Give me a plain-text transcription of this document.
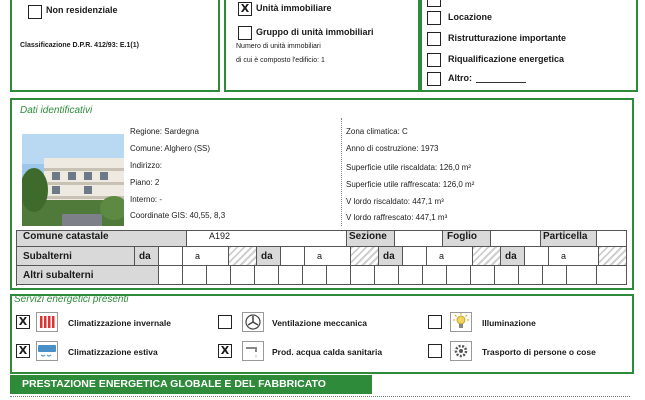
Non residenziale
Classificazione D.P.R. 412/93: E.1(1)
X Unità immobiliare
Gruppo di unità immobiliari
Numero di unità immobiliari
di cui è composto l'edificio: 1
Locazione
Ristrutturazione importante
Riqualificazione energetica
Altro:
Dati identificativi
Regione: Sardegna
Comune: Alghero (SS)
Indirizzo:
Piano: 2
Interno: -
Coordinate GIS: 40,55, 8,3
Zona climatica: C
Anno di costruzione: 1973
Superficie utile riscaldata: 126,0 m²
Superficie utile raffrescata: 126,0 m²
V lordo riscaldato: 447,1 m³
V lordo raffrescato: 447,1 m³
Comune catastale	A192	Sezione	Foglio	Particella
Subalterni	da	a	da	a	da	a	da	a
Altri subalterni
Servizi energetici presenti
X	Climatizzazione invernale
X	Climatizzazione estiva
Ventilazione meccanica
X	Prod. acqua calda sanitaria
Illuminazione
Trasporto di persone o cose
PRESTAZIONE ENERGETICA GLOBALE E DEL FABBRICATO
